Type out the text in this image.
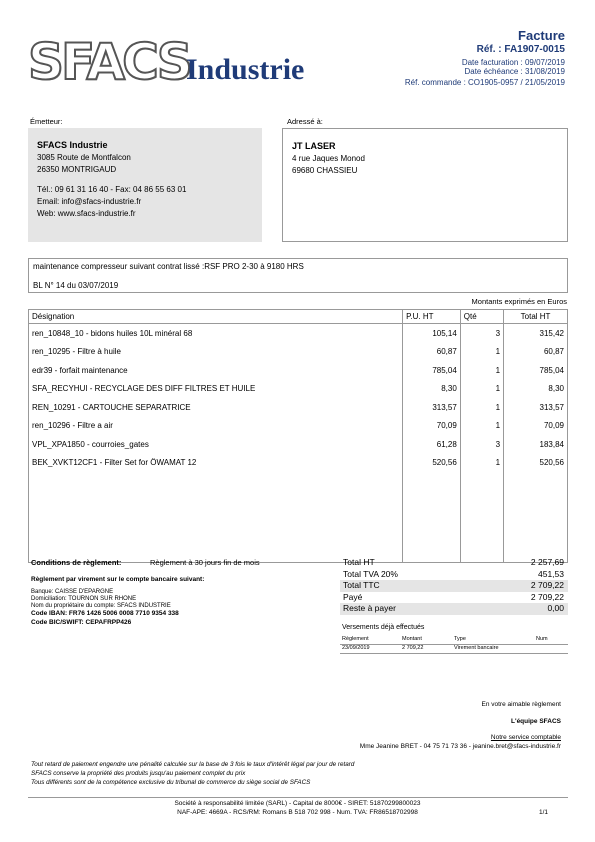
SFACS
Industrie
Facture
Réf. : FA1907-0015
Date facturation : 09/07/2019
Date échéance : 31/08/2019
Réf. commande : CO1905-0957 / 21/05/2019
Émetteur:
SFACS Industrie
3085 Route de Montfalcon
26350 MONTRIGAUD
Tél.: 09 61 31 16 40 - Fax: 04 86 55 63 01
Email: info@sfacs-industrie.fr
Web: www.sfacs-industrie.fr
Adressé à:
JT LASER
4 rue Jaques Monod
69680 CHASSIEU
maintenance compresseur suivant contrat lissé :RSF PRO 2-30 à 9180 HRS
BL N° 14 du 03/07/2019
Montants exprimés en Euros
Désignation	P.U. HT	Qté	Total HT
ren_10848_10 - bidons huiles 10L minéral 68	105,14	3	315,42
ren_10295 - Filtre à huile	60,87	1	60,87
edr39 - forfait maintenance	785,04	1	785,04
SFA_RECYHUI - RECYCLAGE DES DIFF FILTRES ET HUILE	8,30	1	8,30
REN_10291 - CARTOUCHE SEPARATRICE	313,57	1	313,57
ren_10296 - Filtre a air	70,09	1	70,09
VPL_XPA1850 - courroies_gates	61,28	3	183,84
BEK_XVKT12CF1 - Filter Set for ÖWAMAT 12	520,56	1	520,56

Conditions de règlement:	Règlement à 30 jours fin de mois
Règlement par virement sur le compte bancaire suivant:
Banque: CAISSE D'EPARGNE
Domiciliation: TOURNON SUR RHONE
Nom du propriétaire du compte: SFACS INDUSTRIE
Code IBAN: FR76 1426 5006 0008 7710 9354 338
Code BIC/SWIFT: CEPAFRPP426
Total HT	2 257,69
Total TVA 20%	451,53
Total TTC	2 709,22
Payé	2 709,22
Reste à payer	0,00
Versements déjà effectués
Règlement	Montant	Type	Num
23/09/2019	2 709,22	Virement bancaire
En votre aimable règlement
L'équipe SFACS
Notre service comptable
Mme Jeanine BRET - 04 75 71 73 36 - jeanine.bret@sfacs-industrie.fr
Tout retard de paiement engendre une pénalité calculée sur la base de 3 fois le taux d'intérêt légal par jour de retard
SFACS conserve la propriété des produits jusqu'au paiement complet du prix
Tous différents sont de la compétence exclusive du tribunal de commerce du siège social de SFACS
Société à responsabilité limitée (SARL) - Capital de 8000€ - SIRET: 51870299800023
NAF-APE: 4669A - RCS/RM: Romans B 518 702 998 - Num. TVA: FR86518702998	1/1
